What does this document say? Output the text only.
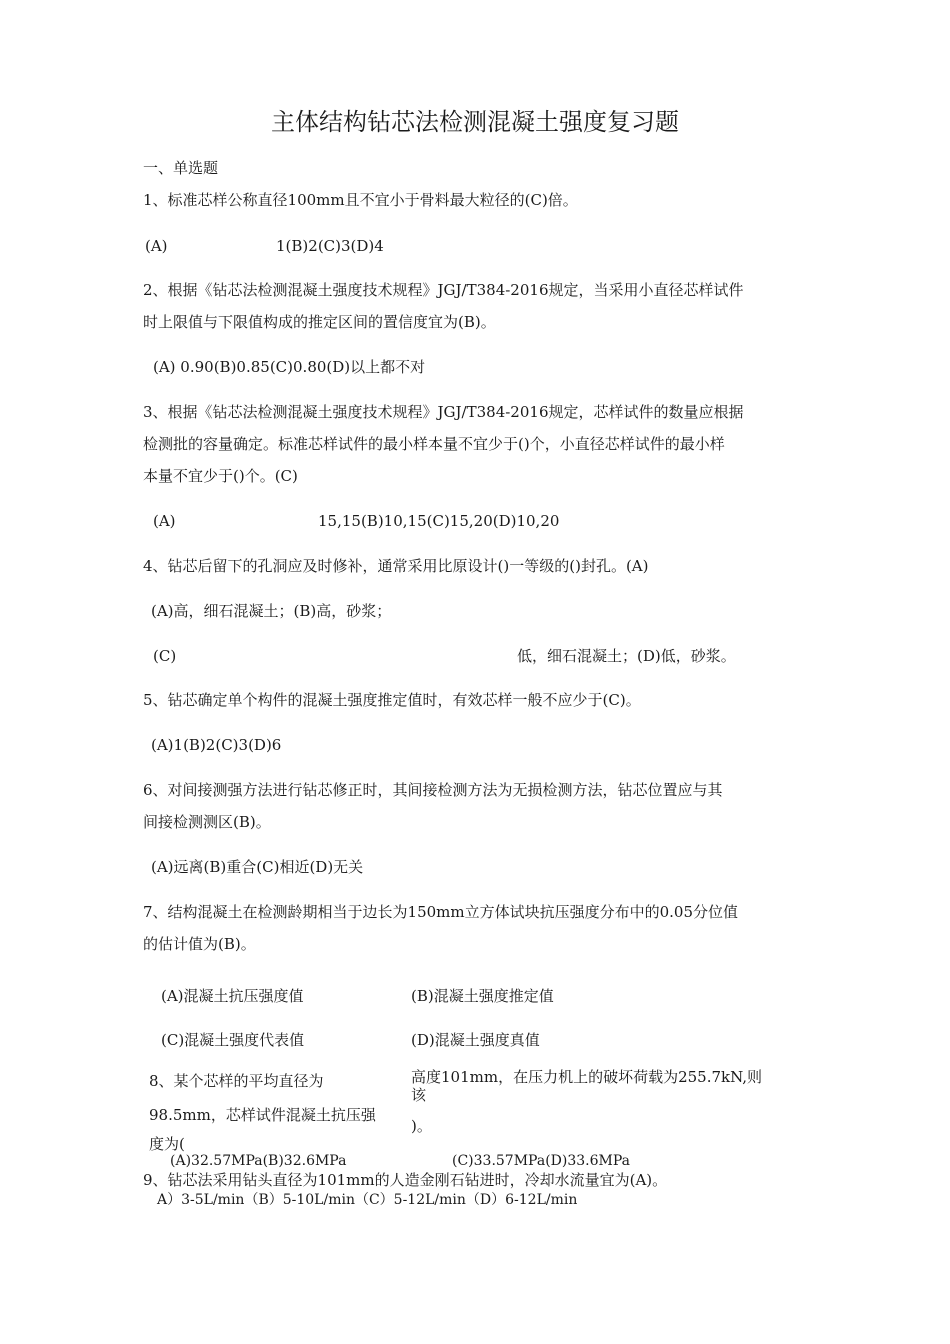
主体结构钻芯法检测混凝土强度复习题
一、单选题
1、标准芯样公称直径100mm且不宜小于骨料最大粒径的(C)倍。
(A)	1(B)2(C)3(D)4
2、根据《钻芯法检测混凝土强度技术规程》JGJ/T384-2016规定，当采用小直径芯样试件
时上限值与下限值构成的推定区间的置信度宜为(B)。
(A) 0.90(B)0.85(C)0.80(D)以上都不对
3、根据《钻芯法检测混凝土强度技术规程》JGJ/T384-2016规定，芯样试件的数量应根据
检测批的容量确定。标准芯样试件的最小样本量不宜少于()个，小直径芯样试件的最小样
本量不宜少于()个。(C)
(A)	15,15(B)10,15(C)15,20(D)10,20
4、钻芯后留下的孔洞应及时修补，通常采用比原设计()一等级的()封孔。(A)
(A)高，细石混凝土；(B)高，砂浆；
(C)	低，细石混凝土；(D)低，砂浆。
5、钻芯确定单个构件的混凝土强度推定值时，有效芯样一般不应少于(C)。
(A)1(B)2(C)3(D)6
6、对间接测强方法进行钻芯修正时，其间接检测方法为无损检测方法，钻芯位置应与其
间接检测测区(B)。
(A)远离(B)重合(C)相近(D)无关
7、结构混凝土在检测龄期相当于边长为150mm立方体试块抗压强度分布中的0.05分位值
的估计值为(B)。
(A)混凝土抗压强度值	(B)混凝土强度推定值
(C)混凝土强度代表值	(D)混凝土强度真值
8、某个芯样的平均直径为
98.5mm，芯样试件混凝土抗压强
度为(
高度101mm，在压力机上的破坏荷载为255.7kN,则
该
)。
(A)32.57MPa(B)32.6MPa	(C)33.57MPa(D)33.6MPa
9、钻芯法采用钻头直径为101mm的人造金刚石钻进时，冷却水流量宜为(A)。
A）3-5L/min（B）5-10L/min（C）5-12L/min（D）6-12L/min
